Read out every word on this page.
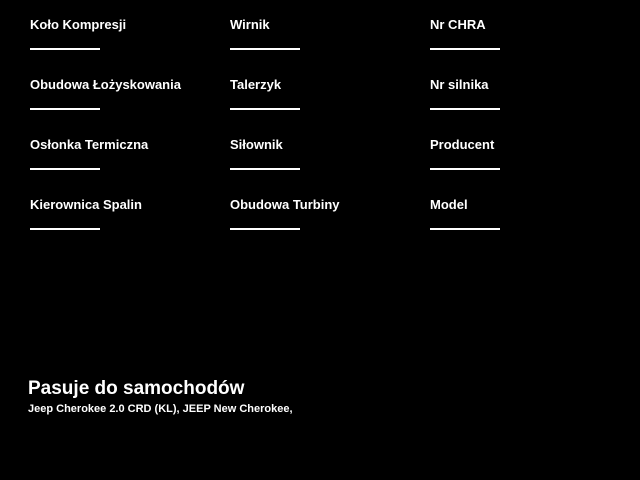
Koło Kompresji	Wirnik	Nr CHRA
Obudowa Łożyskowania	Talerzyk	Nr silnika
Osłonka Termiczna	Siłownik	Producent
Kierownica Spalin	Obudowa Turbiny	Model
Pasuje do samochodów
Jeep Cherokee 2.0 CRD (KL), JEEP New Cherokee,
